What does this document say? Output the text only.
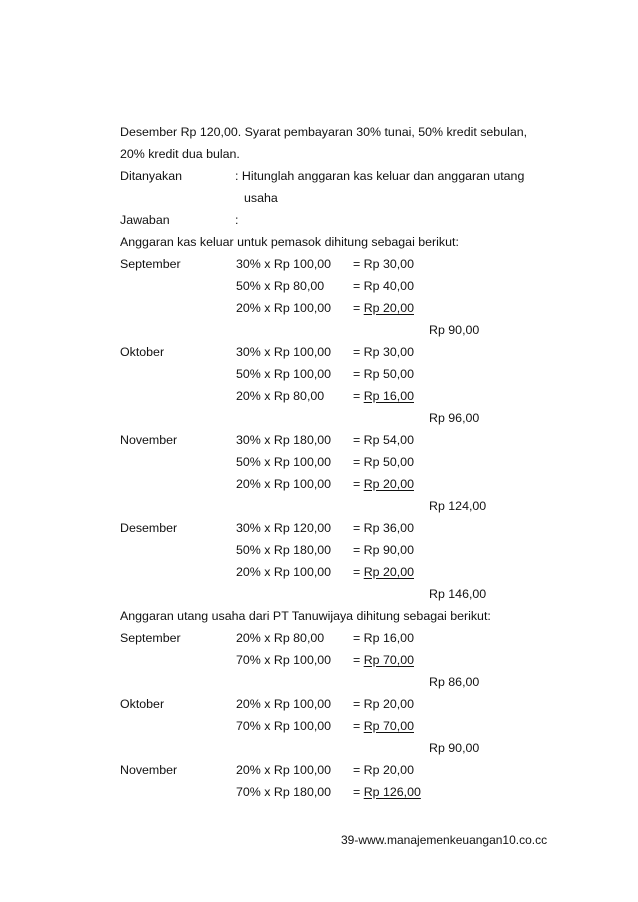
Desember Rp 120,00. Syarat pembayaran 30% tunai, 50% kredit sebulan,
20% kredit dua bulan.
Ditanyakan	: Hitunglah anggaran kas keluar dan anggaran utang
usaha
Jawaban	:
Anggaran kas keluar untuk pemasok dihitung sebagai berikut:
September	30% x Rp 100,00	= Rp 30,00
50% x Rp 80,00	= Rp 40,00
20% x Rp 100,00	= Rp 20,00
Rp 90,00
Oktober	30% x Rp 100,00	= Rp 30,00
50% x Rp 100,00	= Rp 50,00
20% x Rp 80,00	= Rp 16,00
Rp 96,00
November	30% x Rp 180,00	= Rp 54,00
50% x Rp 100,00	= Rp 50,00
20% x Rp 100,00	= Rp 20,00
Rp 124,00
Desember	30% x Rp 120,00	= Rp 36,00
50% x Rp 180,00	= Rp 90,00
20% x Rp 100,00	= Rp 20,00
Rp 146,00
Anggaran utang usaha dari PT Tanuwijaya dihitung sebagai berikut:
September	20% x Rp 80,00	= Rp 16,00
70% x Rp 100,00	= Rp 70,00
Rp 86,00
Oktober	20% x Rp 100,00	= Rp 20,00
70% x Rp 100,00	= Rp 70,00
Rp 90,00
November	20% x Rp 100,00	= Rp 20,00
70% x Rp 180,00	= Rp 126,00
39-www.manajemenkeuangan10.co.cc
